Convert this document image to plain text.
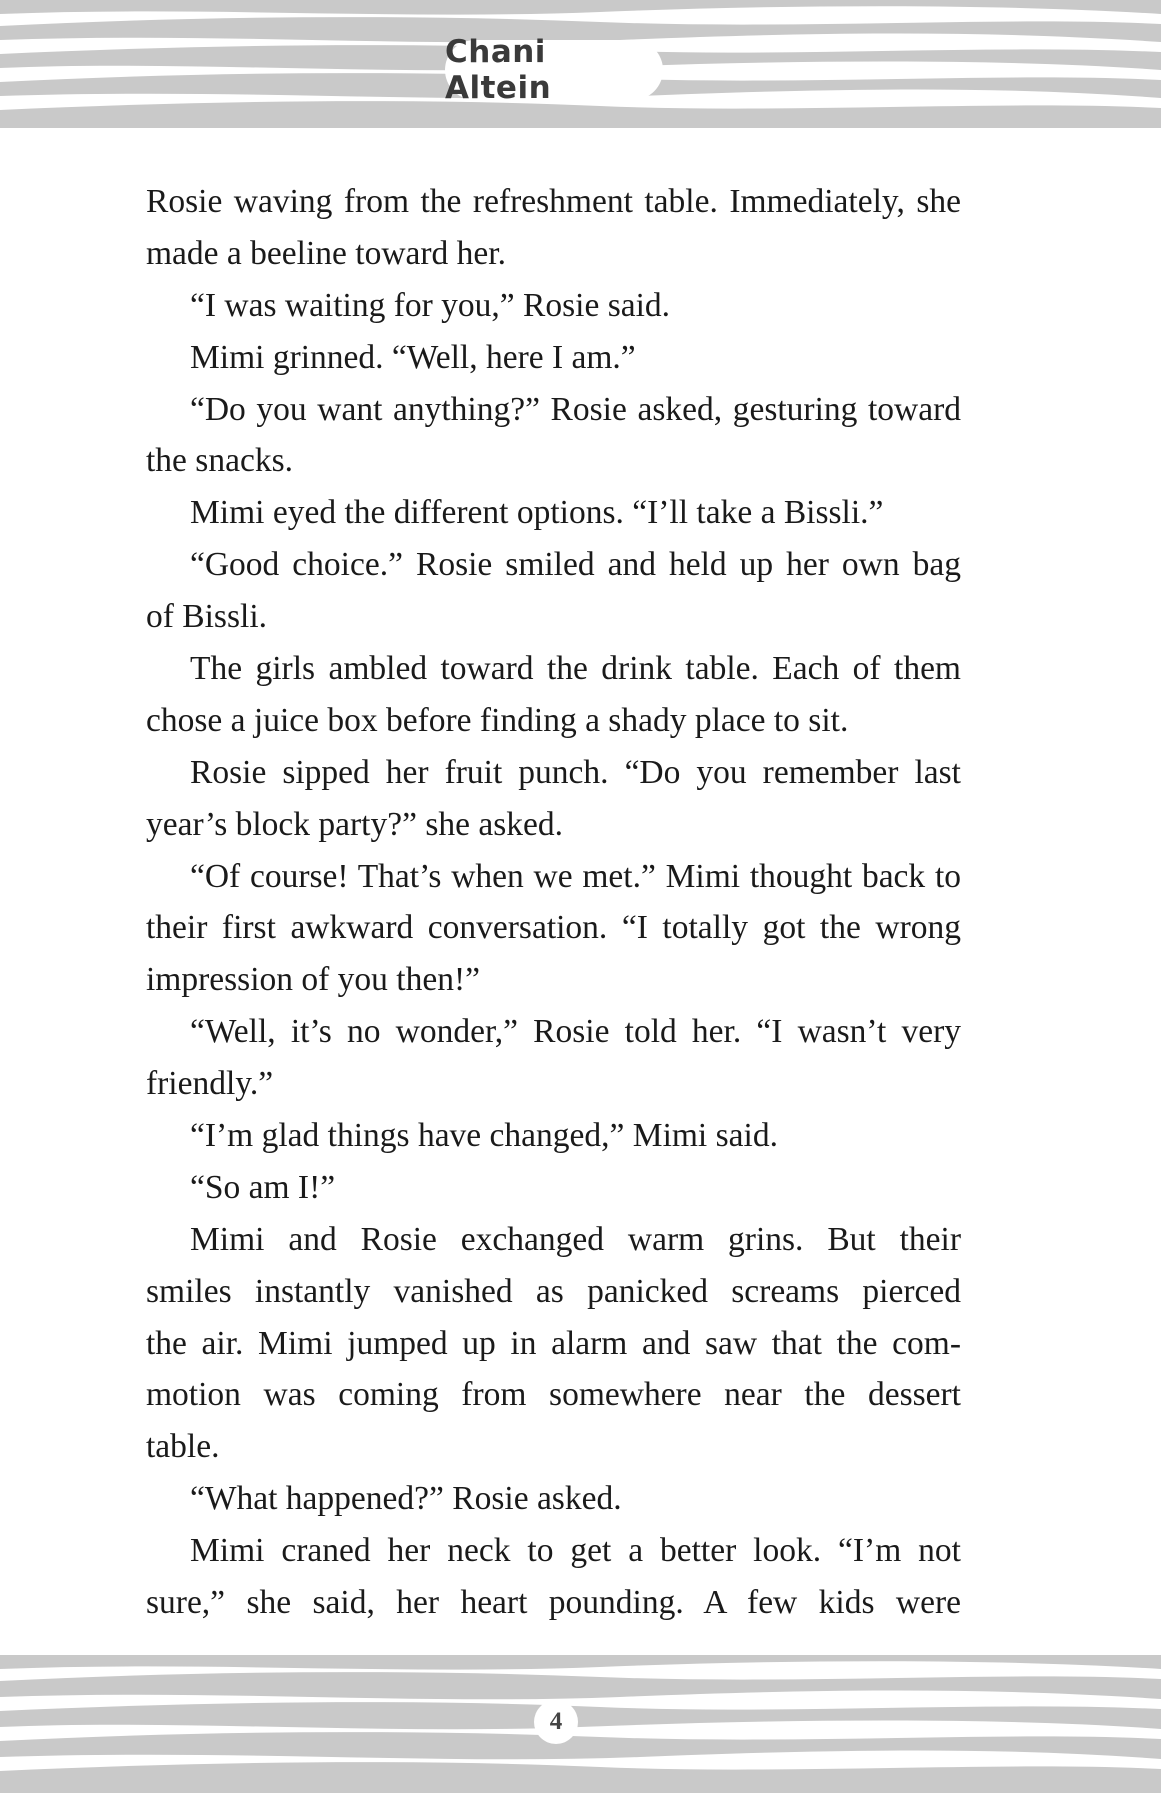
Chani Altein

Rosie waving from the refreshment table. Immediately, she

made a beeline toward her.

“I was waiting for you,” Rosie said.

Mimi grinned. “Well, here I am.”

“Do you want anything?” Rosie asked, gesturing toward

the snacks.

Mimi eyed the different options. “I’ll take a Bissli.”

“Good choice.” Rosie smiled and held up her own bag

of Bissli.

The girls ambled toward the drink table. Each of them

chose a juice box before finding a shady place to sit.

Rosie sipped her fruit punch. “Do you remember last

year’s block party?” she asked.

“Of course! That’s when we met.” Mimi thought back to

their first awkward conversation. “I totally got the wrong

impression of you then!”

“Well, it’s no wonder,” Rosie told her. “I wasn’t very

friendly.”

“I’m glad things have changed,” Mimi said.

“So am I!”

Mimi and Rosie exchanged warm grins. But their

smiles instantly vanished as panicked screams pierced

the air. Mimi jumped up in alarm and saw that the com-

motion was coming from somewhere near the dessert

table.

“What happened?” Rosie asked.

Mimi craned her neck to get a better look. “I’m not

sure,” she said, her heart pounding. A few kids were

4
